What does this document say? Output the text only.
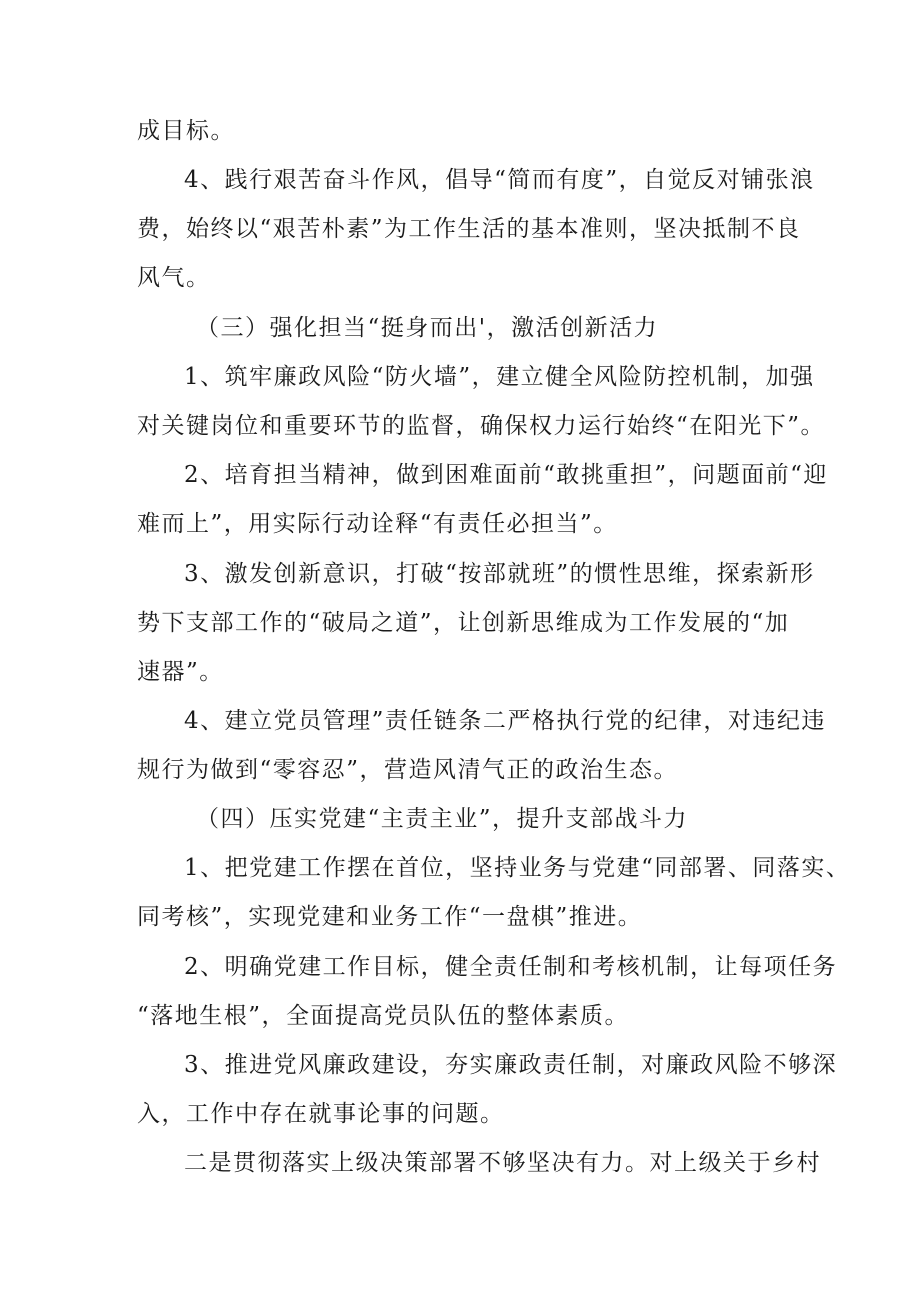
成目标。
4、践行艰苦奋斗作风，倡导“简而有度”，自觉反对铺张浪
费，始终以“艰苦朴素”为工作生活的基本准则，坚决抵制不良
风气。
（三）强化担当“挺身而出'，激活创新活力
1、筑牢廉政风险“防火墙”，建立健全风险防控机制，加强
对关键岗位和重要环节的监督，确保权力运行始终“在阳光下”。
2、培育担当精神，做到困难面前“敢挑重担”，问题面前“迎
难而上”，用实际行动诠释“有责任必担当”。
3、激发创新意识，打破“按部就班”的惯性思维，探索新形
势下支部工作的“破局之道”，让创新思维成为工作发展的“加
速器”。
4、建立党员管理”责任链条二严格执行党的纪律，对违纪违
规行为做到“零容忍”，营造风清气正的政治生态。
（四）压实党建“主责主业”，提升支部战斗力
1、把党建工作摆在首位，坚持业务与党建“同部署、同落实、
同考核”，实现党建和业务工作“一盘棋”推进。
2、明确党建工作目标，健全责任制和考核机制，让每项任务
“落地生根”，全面提高党员队伍的整体素质。
3、推进党风廉政建设，夯实廉政责任制，对廉政风险不够深
入，工作中存在就事论事的问题。
二是贯彻落实上级决策部署不够坚决有力。对上级关于乡村
